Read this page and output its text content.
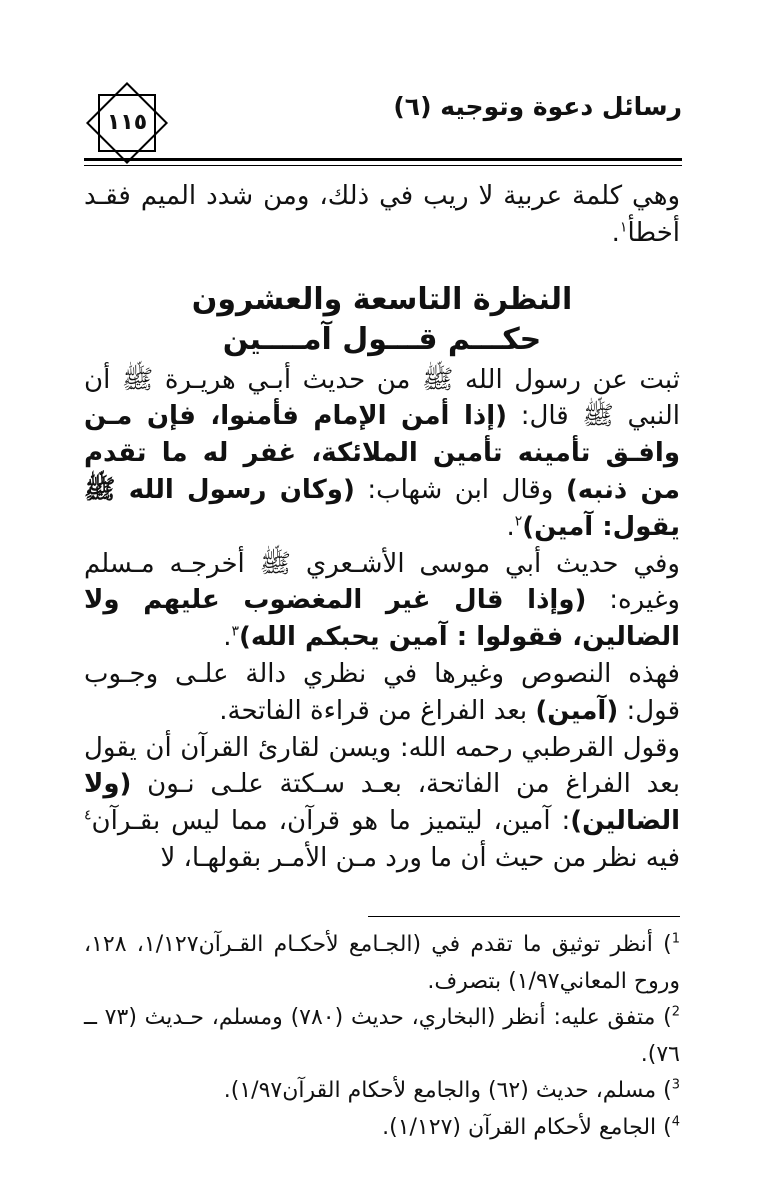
رسائل دعوة وتوجيه (٦)
١١٥

وهي كلمة عربية لا ريب في ذلك، ومن شدد الميم فقـد أخطأ$^١$.

النظرة التاسعة والعشرون
حكـــم قـــول آمــــين

ثبت عن رسول الله ﷺ من حديث أبـي هريـرة ﷺ أن النبي ﷺ قال: (إذا أمن الإمام فأمنوا، فإن مـن وافـق تأمينه تأمين الملائكة، غفر له ما تقدم من ذنبه) وقال ابن شهاب: (وكان رسول الله ﷺ يقول: آمين)$^٢$.

وفي حديث أبي موسى الأشـعري ﷺ أخرجـه مـسلم وغيره: (وإذا قال غير المغضوب عليهم ولا الضالين، فقولوا : آمين يحبكم الله)$^٣$.

فهذه النصوص وغيرها في نظري دالة علـى وجـوب قول: (آمين) بعد الفراغ من قراءة الفاتحة.

وقول القرطبي رحمه الله: ويسن لقارئ القرآن أن يقول بعد الفراغ من الفاتحة، بعـد سـكتة علـى نـون (ولا الضالين): آمين، ليتميز ما هو قرآن، مما ليس بقـرآن$^٤$ فيه نظر من حيث أن ما ورد مـن الأمـر بقولهـا، لا

$^1$) أنظر توثيق ما تقدم في (الجـامع لأحكـام القـرآن١/١٢٧، ١٢٨، وروح المعاني١/٩٧) بتصرف.

$^2$) متفق عليه: أنظر (البخاري، حديث (٧٨٠) ومسلم، حـديث (٧٣ ــ ٧٦).

$^3$) مسلم، حديث (٦٢) والجامع لأحكام القرآن١/٩٧).

$^4$) الجامع لأحكام القرآن (١/١٢٧).
